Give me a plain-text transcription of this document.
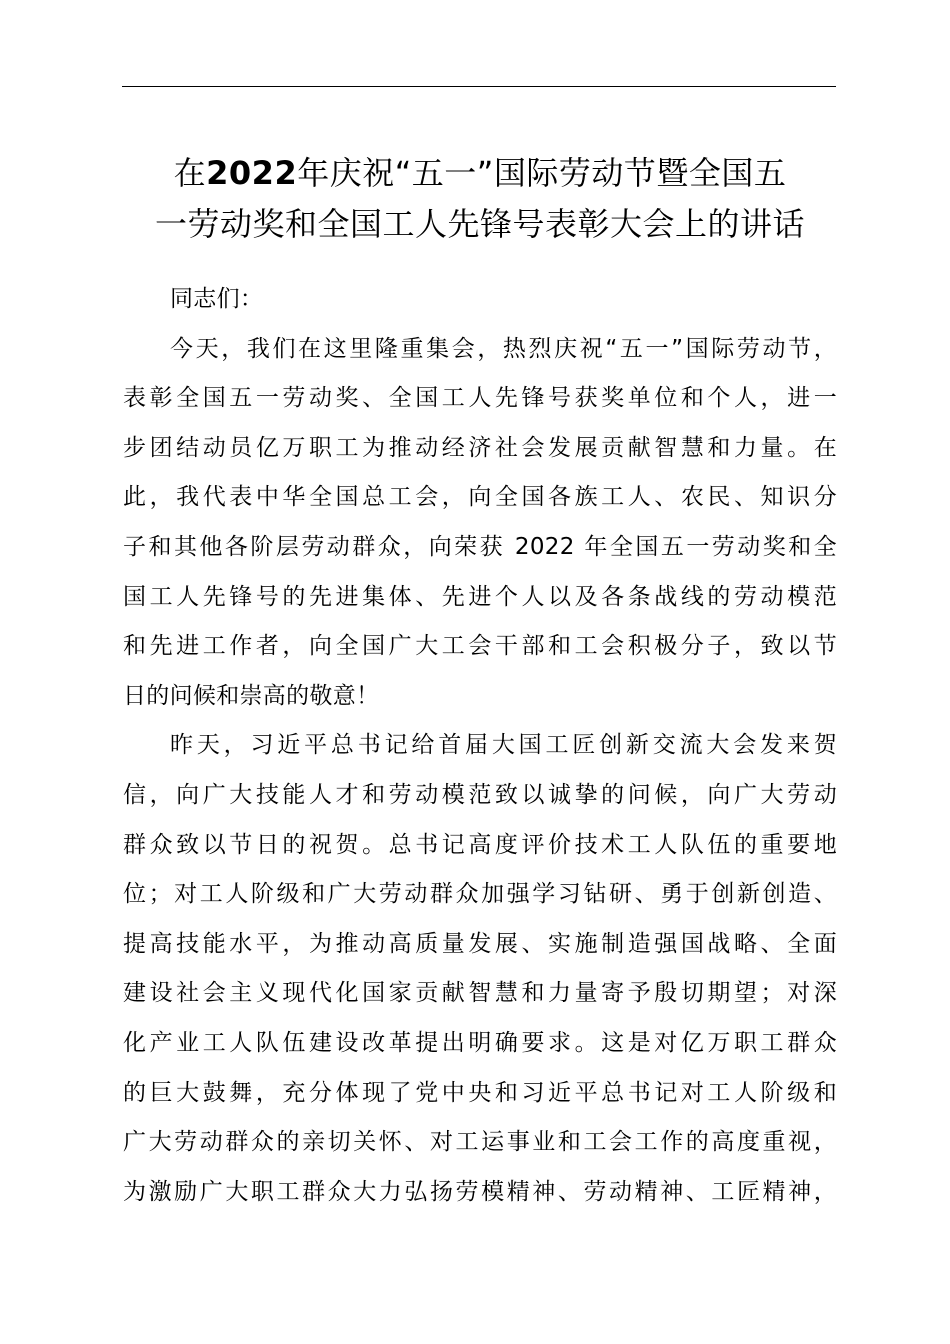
在2022年庆祝“五一”国际劳动节暨全国五
一劳动奖和全国工人先锋号表彰大会上的讲话
同志们：
今天，我们在这里隆重集会，热烈庆祝“五一”国际劳动节，
表彰全国五一劳动奖、全国工人先锋号获奖单位和个人，进一
步团结动员亿万职工为推动经济社会发展贡献智慧和力量。在
此，我代表中华全国总工会，向全国各族工人、农民、知识分
子和其他各阶层劳动群众，向荣获 2022 年全国五一劳动奖和全
国工人先锋号的先进集体、先进个人以及各条战线的劳动模范
和先进工作者，向全国广大工会干部和工会积极分子，致以节
日的问候和崇高的敬意！
昨天，习近平总书记给首届大国工匠创新交流大会发来贺
信，向广大技能人才和劳动模范致以诚挚的问候，向广大劳动
群众致以节日的祝贺。总书记高度评价技术工人队伍的重要地
位；对工人阶级和广大劳动群众加强学习钻研、勇于创新创造、
提高技能水平，为推动高质量发展、实施制造强国战略、全面
建设社会主义现代化国家贡献智慧和力量寄予殷切期望；对深
化产业工人队伍建设改革提出明确要求。这是对亿万职工群众
的巨大鼓舞，充分体现了党中央和习近平总书记对工人阶级和
广大劳动群众的亲切关怀、对工运事业和工会工作的高度重视，
为激励广大职工群众大力弘扬劳模精神、劳动精神、工匠精神，
